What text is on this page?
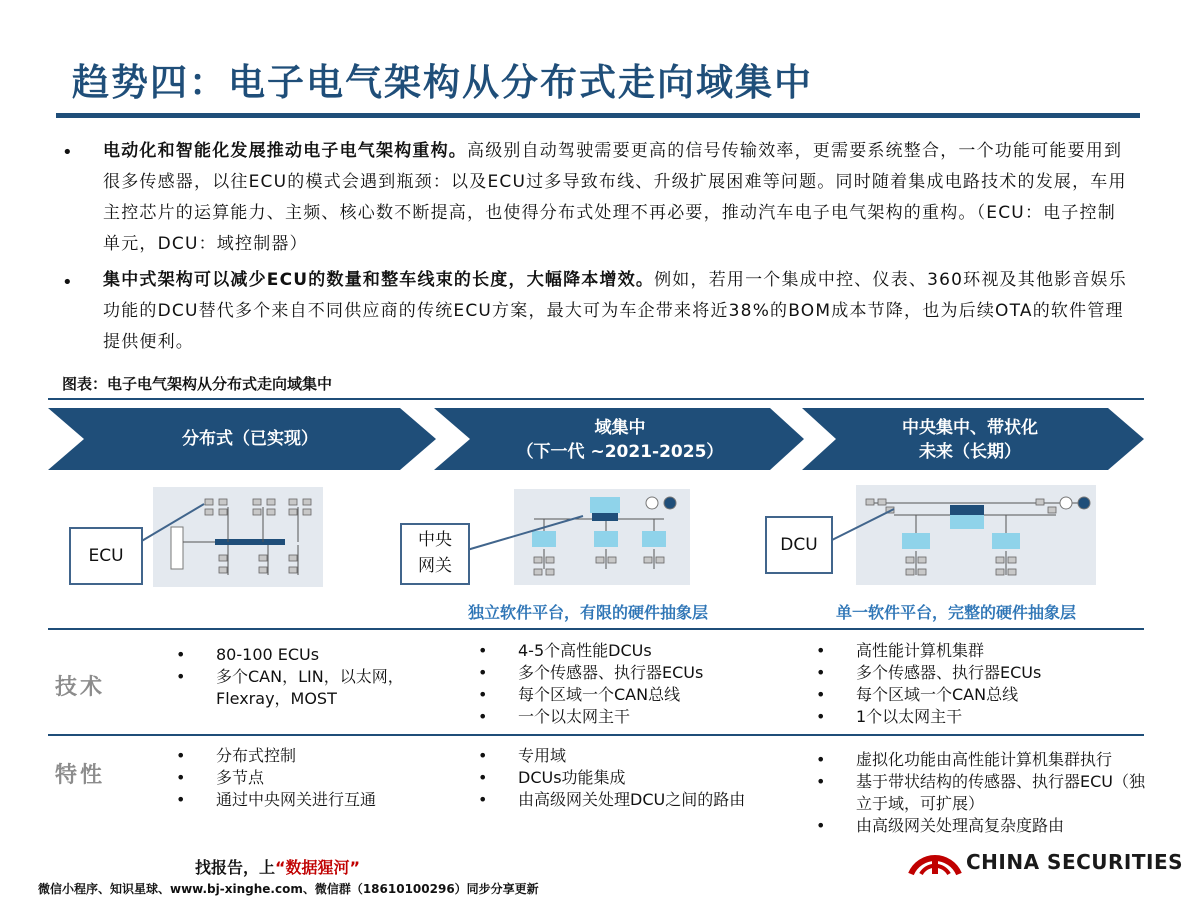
趋势四：电子电气架构从分布式走向域集中
• 电动化和智能化发展推动电子电气架构重构。高级别自动驾驶需要更高的信号传输效率，更需要系统整合，一个功能可能要用到很多传感器，以往ECU的模式会遇到瓶颈：以及ECU过多导致布线、升级扩展困难等问题。同时随着集成电路技术的发展，车用主控芯片的运算能力、主频、核心数不断提高，也使得分布式处理不再必要，推动汽车电子电气架构的重构。（ECU：电子控制单元，DCU：域控制器）
• 集中式架构可以减少ECU的数量和整车线束的长度，大幅降本增效。例如，若用一个集成中控、仪表、360环视及其他影音娱乐功能的DCU替代多个来自不同供应商的传统ECU方案，最大可为车企带来将近38%的BOM成本节降，也为后续OTA的软件管理提供便利。
图表：电子电气架构从分布式走向域集中
分布式（已实现）
域集中
（下一代 ~2021-2025）
中央集中、带状化
未来（长期）
ECU
中央
网关
DCU
独立软件平台，有限的硬件抽象层	单一软件平台，完整的硬件抽象层
技术
• 80-100 ECUs
• 多个CAN，LIN，以太网，Flexray，MOST
• 4-5个高性能DCUs
• 多个传感器、执行器ECUs
• 每个区域一个CAN总线
• 一个以太网主干
• 高性能计算机集群
• 多个传感器、执行器ECUs
• 每个区域一个CAN总线
• 1个以太网主干
特性
• 分布式控制
• 多节点
• 通过中央网关进行互通
• 专用域
• DCUs功能集成
• 由高级网关处理DCU之间的路由
• 虚拟化功能由高性能计算机集群执行
• 基于带状结构的传感器、执行器ECU（独立于域，可扩展）
• 由高级网关处理高复杂度路由
找报告，上“数据猩河”
微信小程序、知识星球、www.bj-xinghe.com、微信群（18610100296）同步分享更新
CHINA SECURITIES
